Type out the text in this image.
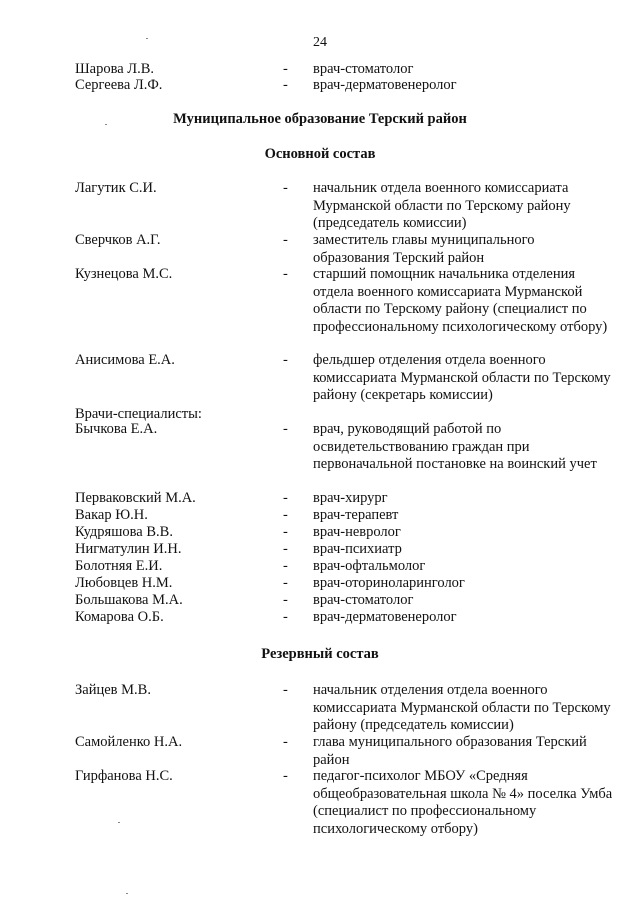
24
Шарова Л.В.	- врач-стоматолог
Сергеева Л.Ф.	- врач-дерматовенеролог
Муниципальное образование Терский район
Основной состав
Лагутик С.И.	- начальник отдела военного комиссариата Мурманской области по Терскому району (председатель комиссии)
Сверчков А.Г.	- заместитель главы муниципального образования Терский район
Кузнецова М.С.	- старший помощник начальника отделения отдела военного комиссариата Мурманской области по Терскому району (специалист по профессиональному психологическому отбору)
Анисимова Е.А.	- фельдшер отделения отдела военного комиссариата Мурманской области по Терскому району (секретарь комиссии)
Врачи-специалисты:
Бычкова Е.А.	- врач, руководящий работой по освидетельствованию граждан при первоначальной постановке на воинский учет
Перваковский М.А.	- врач-хирург
Вакар Ю.Н.	- врач-терапевт
Кудряшова В.В.	- врач-невролог
Нигматулин И.Н.	- врач-психиатр
Болотняя Е.И.	- врач-офтальмолог
Любовцев Н.М.	- врач-оториноларинголог
Большакова М.А.	- врач-стоматолог
Комарова О.Б.	- врач-дерматовенеролог
Резервный состав
Зайцев М.В.	- начальник отделения отдела военного комиссариата Мурманской области по Терскому району (председатель комиссии)
Самойленко Н.А.	- глава муниципального образования Терский район
Гирфанова Н.С.	- педагог-психолог МБОУ «Средняя общеобразовательная школа № 4» поселка Умба (специалист по профессиональному психологическому отбору)
